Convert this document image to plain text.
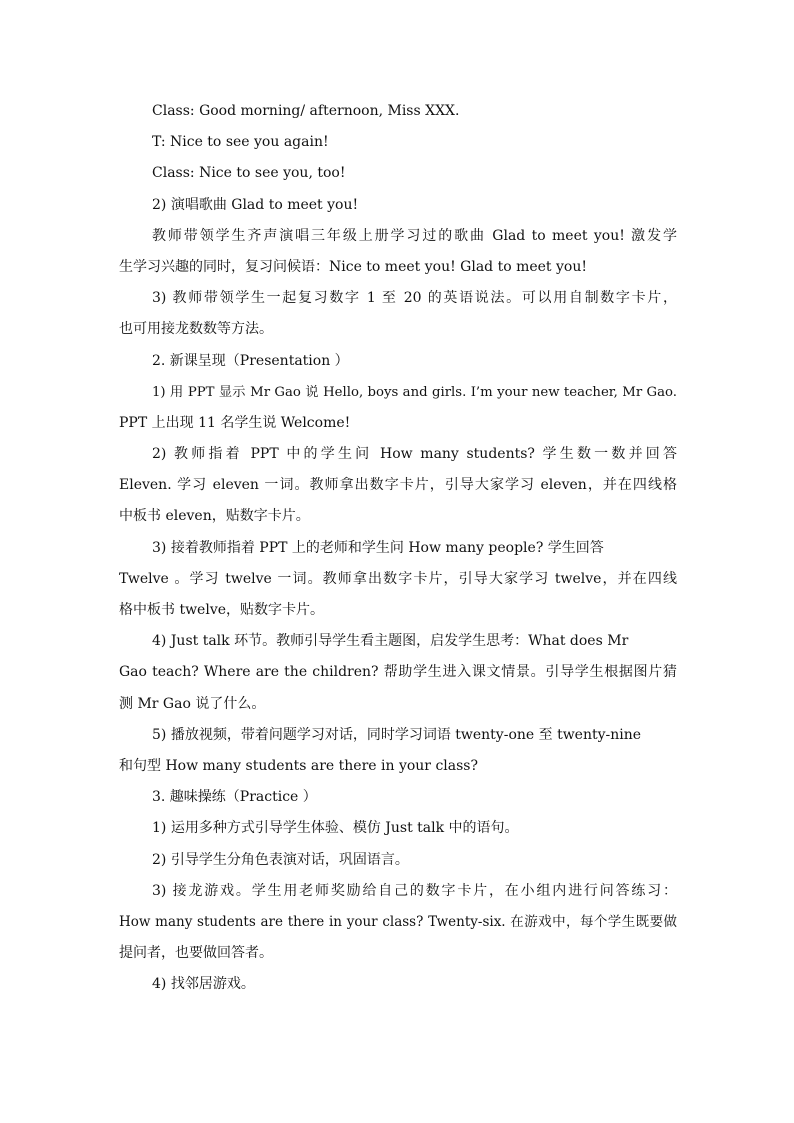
Class: Good morning/ afternoon, Miss XXX.
T: Nice to see you again!
Class: Nice to see you, too!
2) 演唱歌曲 Glad to meet you!
教师带领学生齐声演唱三年级上册学习过的歌曲 Glad to meet you! 激发学
生学习兴趣的同时，复习问候语：Nice to meet you! Glad to meet you!
3) 教师带领学生一起复习数字 1 至 20 的英语说法。可以用自制数字卡片，
也可用接龙数数等方法。
2. 新课呈现（Presentation ）
1) 用 PPT 显示 Mr Gao 说 Hello, boys and girls. I’m your new teacher, Mr Gao.
PPT 上出现 11 名学生说 Welcome!
2) 教师指着 PPT 中的学生问 How many students? 学生数一数并回答
Eleven. 学习 eleven 一词。教师拿出数字卡片，引导大家学习 eleven，并在四线格
中板书 eleven，贴数字卡片。
3) 接着教师指着 PPT 上的老师和学生问 How many people? 学生回答
Twelve 。学习 twelve 一词。教师拿出数字卡片，引导大家学习 twelve，并在四线
格中板书 twelve，贴数字卡片。
4) Just talk 环节。教师引导学生看主题图，启发学生思考：What does Mr
Gao teach? Where are the children? 帮助学生进入课文情景。引导学生根据图片猜
测 Mr Gao 说了什么。
5) 播放视频，带着问题学习对话，同时学习词语 twenty-one 至 twenty-nine
和句型 How many students are there in your class?
3. 趣味操练（Practice ）
1) 运用多种方式引导学生体验、模仿 Just talk 中的语句。
2) 引导学生分角色表演对话，巩固语言。
3) 接龙游戏。学生用老师奖励给自己的数字卡片，在小组内进行问答练习：
How many students are there in your class? Twenty-six. 在游戏中，每个学生既要做
提问者，也要做回答者。
4) 找邻居游戏。
